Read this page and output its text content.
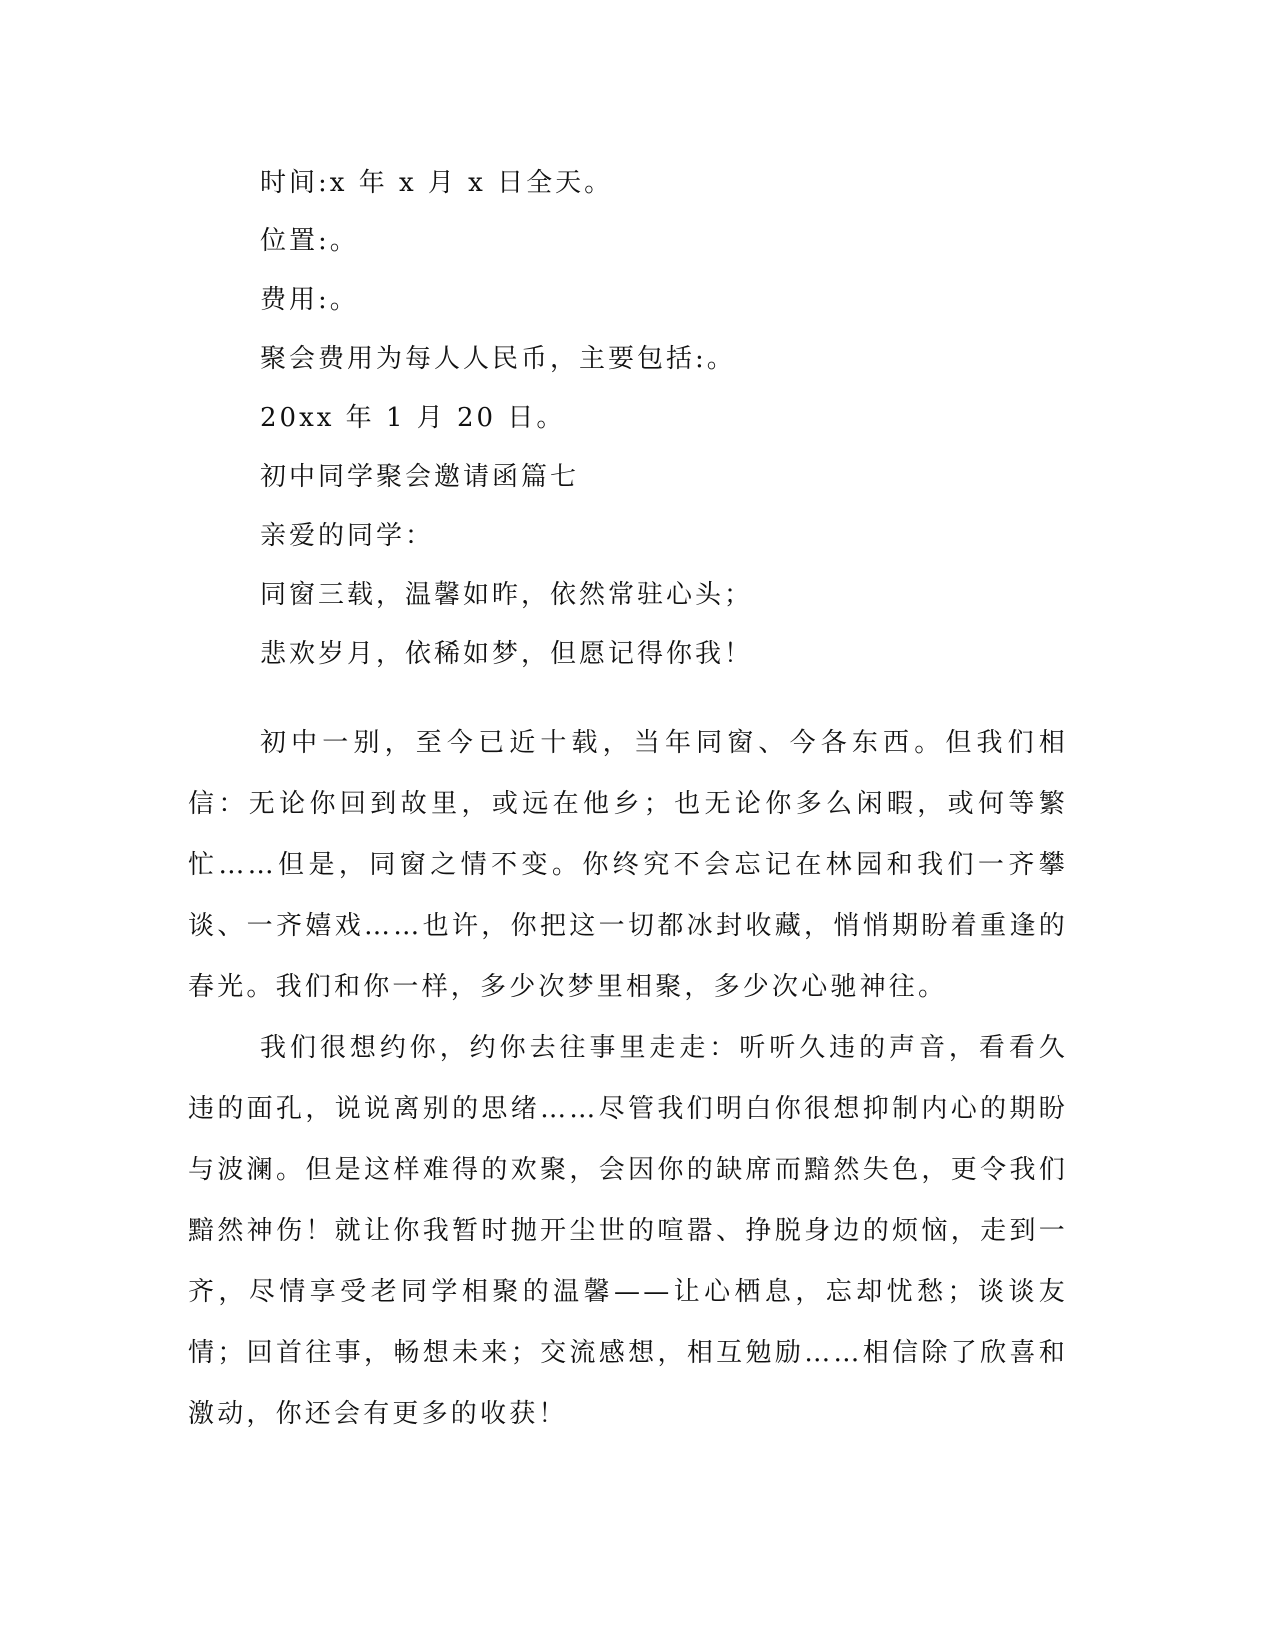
时间:x 年 x 月 x 日全天。
位置:。
费用:。
聚会费用为每人人民币，主要包括:。
20xx 年 1 月 20 日。
初中同学聚会邀请函篇七
亲爱的同学：
同窗三载，温馨如昨，依然常驻心头；
悲欢岁月，依稀如梦，但愿记得你我！

初中一别，至今已近十载，当年同窗、今各东西。但我们相信：无论你回到故里，或远在他乡；也无论你多么闲暇，或何等繁忙……但是，同窗之情不变。你终究不会忘记在林园和我们一齐攀谈、一齐嬉戏……也许，你把这一切都冰封收藏，悄悄期盼着重逢的春光。我们和你一样，多少次梦里相聚，多少次心驰神往。

我们很想约你，约你去往事里走走：听听久违的声音，看看久违的面孔，说说离别的思绪……尽管我们明白你很想抑制内心的期盼与波澜。但是这样难得的欢聚，会因你的缺席而黯然失色，更令我们黯然神伤！就让你我暂时抛开尘世的喧嚣、挣脱身边的烦恼，走到一齐，尽情享受老同学相聚的温馨——让心栖息，忘却忧愁；谈谈友情；回首往事，畅想未来；交流感想，相互勉励……相信除了欣喜和激动，你还会有更多的收获！
